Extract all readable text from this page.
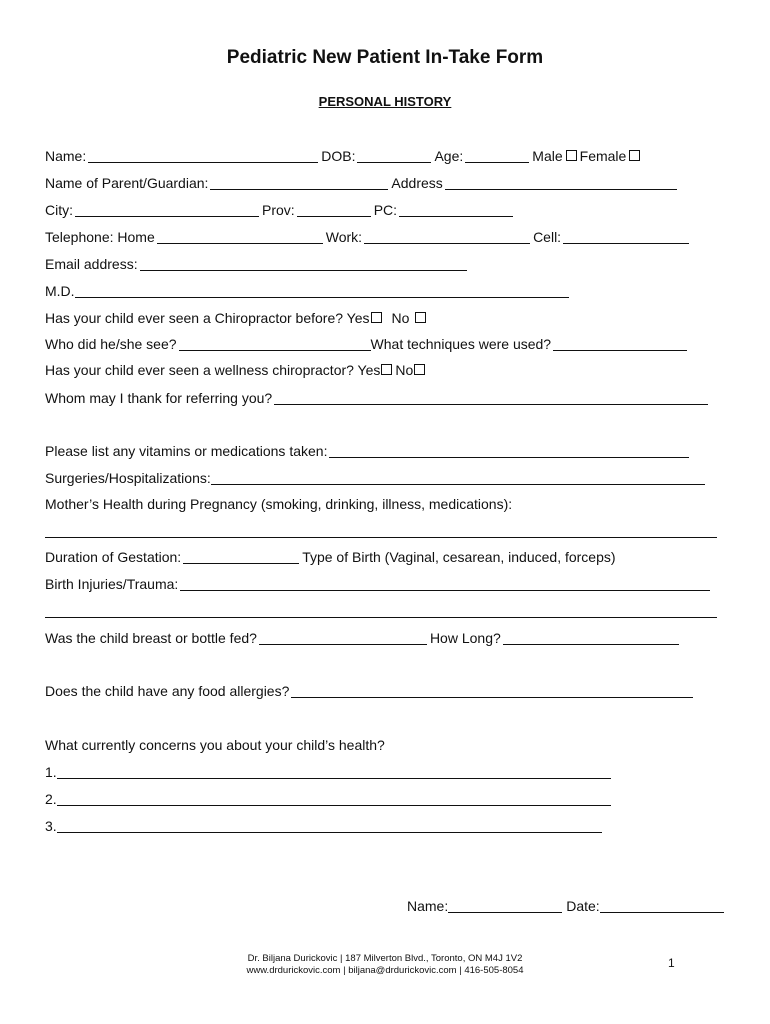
Pediatric New Patient In-Take Form
PERSONAL HISTORY
Name:	DOB:	Age:	Male Female
Name of Parent/Guardian:	Address
City:	Prov:	PC:
Telephone: Home	Work:	Cell:
Email address:
M.D.
Has your child ever seen a Chiropractor before? Yes No
Who did he/she see?	What techniques were used?
Has your child ever seen a wellness chiropractor? Yes No
Whom may I thank for referring you?
Please list any vitamins or medications taken:
Surgeries/Hospitalizations:
Mother’s Health during Pregnancy (smoking, drinking, illness, medications):
Duration of Gestation:	Type of Birth (Vaginal, cesarean, induced, forceps)
Birth Injuries/Trauma:
Was the child breast or bottle fed?	How Long?
Does the child have any food allergies?
What currently concerns you about your child’s health?
1.
2.
3.
Name:	Date:
Dr. Biljana Durickovic | 187 Milverton Blvd., Toronto, ON M4J 1V2
www.drdurickovic.com | biljana@drdurickovic.com | 416-505-8054
1
